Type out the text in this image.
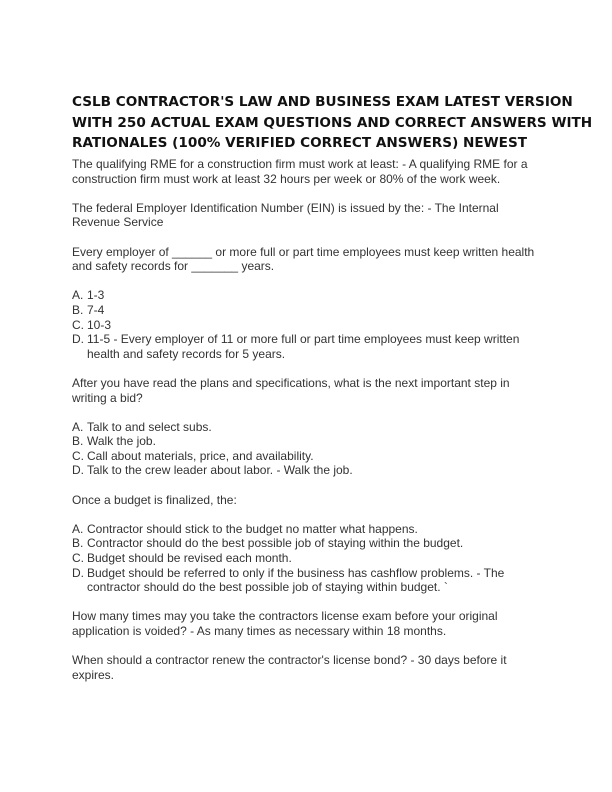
CSLB CONTRACTOR'S LAW AND BUSINESS EXAM LATEST VERSION
WITH 250 ACTUAL EXAM QUESTIONS AND CORRECT ANSWERS WITH
RATIONALES (100% VERIFIED CORRECT ANSWERS) NEWEST

The qualifying RME for a construction firm must work at least: - A qualifying RME for a
construction firm must work at least 32 hours per week or 80% of the work week.

The federal Employer Identification Number (EIN) is issued by the: - The Internal
Revenue Service

Every employer of ______ or more full or part time employees must keep written health
and safety records for _______ years.

A. 1-3
B. 7-4
C. 10-3
D. 11-5 - Every employer of 11 or more full or part time employees must keep written
health and safety records for 5 years.

After you have read the plans and specifications, what is the next important step in
writing a bid?

A. Talk to and select subs.
B. Walk the job.
C. Call about materials, price, and availability.
D. Talk to the crew leader about labor. - Walk the job.

Once a budget is finalized, the:

A. Contractor should stick to the budget no matter what happens.
B. Contractor should do the best possible job of staying within the budget.
C. Budget should be revised each month.
D. Budget should be referred to only if the business has cashflow problems. - The
contractor should do the best possible job of staying within budget. `

How many times may you take the contractors license exam before your original
application is voided? - As many times as necessary within 18 months.

When should a contractor renew the contractor's license bond? - 30 days before it
expires.
